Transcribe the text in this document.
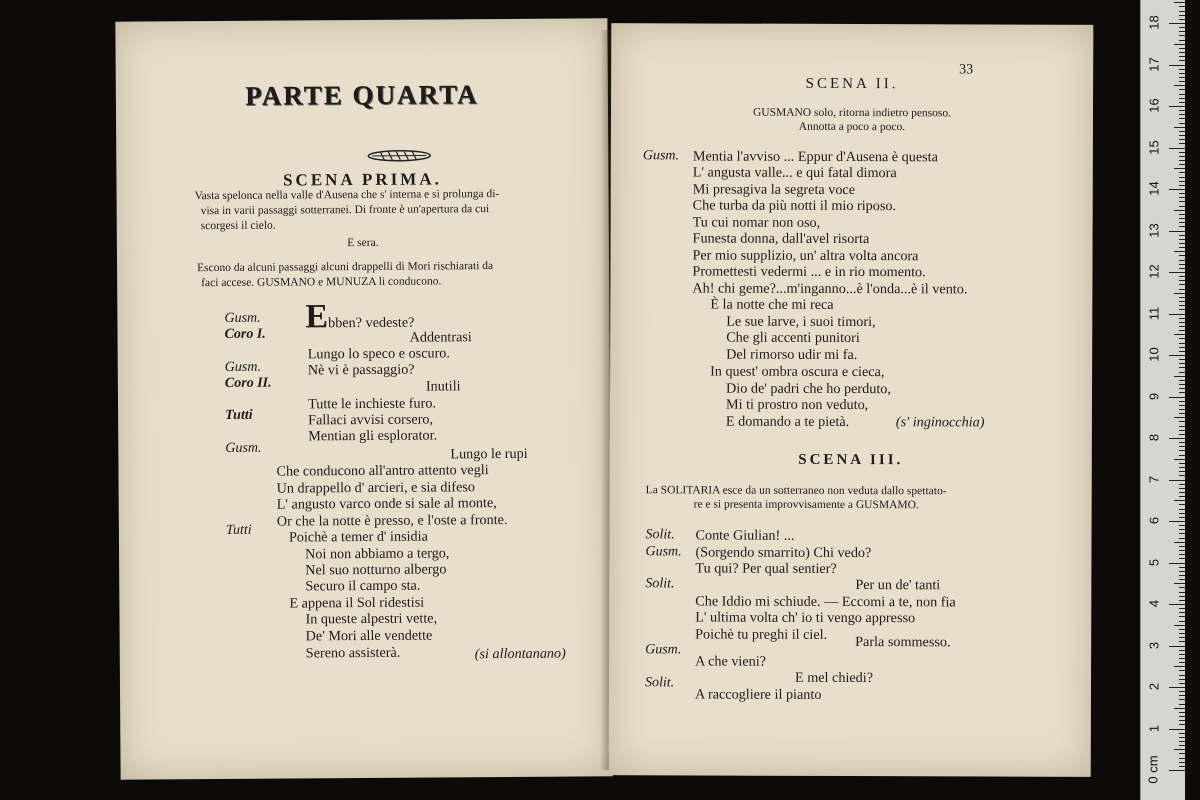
PARTE QUARTA
SCENA PRIMA.
Vasta spelonca nella valle d'Ausena che s' interna e si prolunga di-
visa in varii passaggi sotterranei. Di fronte è un'apertura da cui
scorgesi il cielo.
E sera.
Escono da alcuni passaggi alcuni drappelli di Mori rischiarati da
faci accese. GUSMANO e MUNUZA li conducono.
Gusm.
Coro I.
Gusm.
Coro II.
Tutti
Gusm.
Tutti
Ebben? vedeste?
Addentrasi
Lungo lo speco e oscuro.
Nè vi è passaggio?
Inutili
Tutte le inchieste furo.
Fallaci avvisi corsero,
Mentian gli esplorator.
Lungo le rupi
Che conducono all'antro attento vegli
Un drappello d' arcieri, e sia difeso
L' angusto varco onde si sale al monte,
Or che la notte è presso, e l'oste a fronte.
Poichè a temer d' insidia
Noi non abbiamo a tergo,
Nel suo notturno albergo
Securo il campo sta.
E appena il Sol ridestisi
In queste alpestri vette,
De' Mori alle vendette
Sereno assisterà.	(si allontanano)
33
SCENA II.
GUSMANO solo, ritorna indietro pensoso.
Annotta a poco a poco.
Gusm. Mentia l'avviso ... Eppur d'Ausena è questa
L' angusta valle... e qui fatal dimora
Mi presagiva la segreta voce
Che turba da più notti il mio riposo.
Tu cui nomar non oso,
Funesta donna, dall'avel risorta
Per mio supplizio, un' altra volta ancora
Promettesti vedermi ... e in rio momento.
Ah! chi geme?...m'inganno...è l'onda...è il vento.
È la notte che mi reca
Le sue larve, i suoi timori,
Che gli accenti punitori
Del rimorso udir mi fa.
In quest' ombra oscura e cieca,
Dio de' padri che ho perduto,
Mi ti prostro non veduto,
E domando a te pietà.	(s' inginocchia)
SCENA III.
La SOLITARIA esce da un sotterraneo non veduta dallo spettato-
re e si presenta improvvisamente a GUSMAMO.
Solit.
Gusm.
Solit.
Gusm.
Solit.
Conte Giulian! ...
(Sorgendo smarrito) Chi vedo?
Tu qui? Per qual sentier?
Per un de' tanti
Che Iddio mi schiude. — Eccomi a te, non fia
L' ultima volta ch' io ti vengo appresso
Poichè tu preghi il ciel. Parla sommesso.
A che vieni?
E mel chiedi?
A raccogliere il pianto
0 cm
1
2
3
4
5
6
7
8
9
10
11
12
13
14
15
16
17
18
